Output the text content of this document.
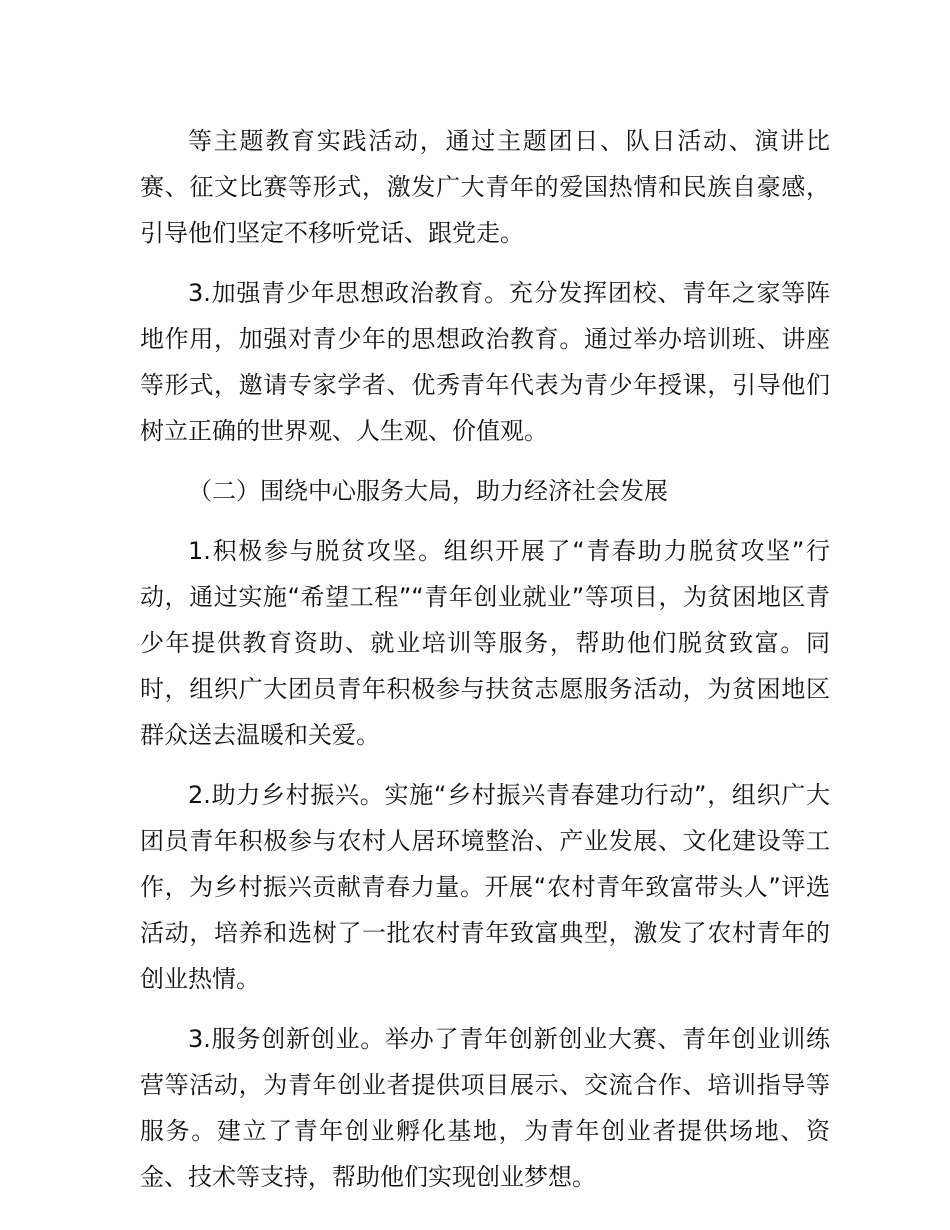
等主题教育实践活动，通过主题团日、队日活动、演讲比赛、征文比赛等形式，激发广大青年的爱国热情和民族自豪感，引导他们坚定不移听党话、跟党走。

3.加强青少年思想政治教育。充分发挥团校、青年之家等阵地作用，加强对青少年的思想政治教育。通过举办培训班、讲座等形式，邀请专家学者、优秀青年代表为青少年授课，引导他们树立正确的世界观、人生观、价值观。

（二）围绕中心服务大局，助力经济社会发展

1.积极参与脱贫攻坚。组织开展了“青春助力脱贫攻坚”行动，通过实施“希望工程”“青年创业就业”等项目，为贫困地区青少年提供教育资助、就业培训等服务，帮助他们脱贫致富。同时，组织广大团员青年积极参与扶贫志愿服务活动，为贫困地区群众送去温暖和关爱。

2.助力乡村振兴。实施“乡村振兴青春建功行动”，组织广大团员青年积极参与农村人居环境整治、产业发展、文化建设等工作，为乡村振兴贡献青春力量。开展“农村青年致富带头人”评选活动，培养和选树了一批农村青年致富典型，激发了农村青年的创业热情。

3.服务创新创业。举办了青年创新创业大赛、青年创业训练营等活动，为青年创业者提供项目展示、交流合作、培训指导等服务。建立了青年创业孵化基地，为青年创业者提供场地、资金、技术等支持，帮助他们实现创业梦想。
